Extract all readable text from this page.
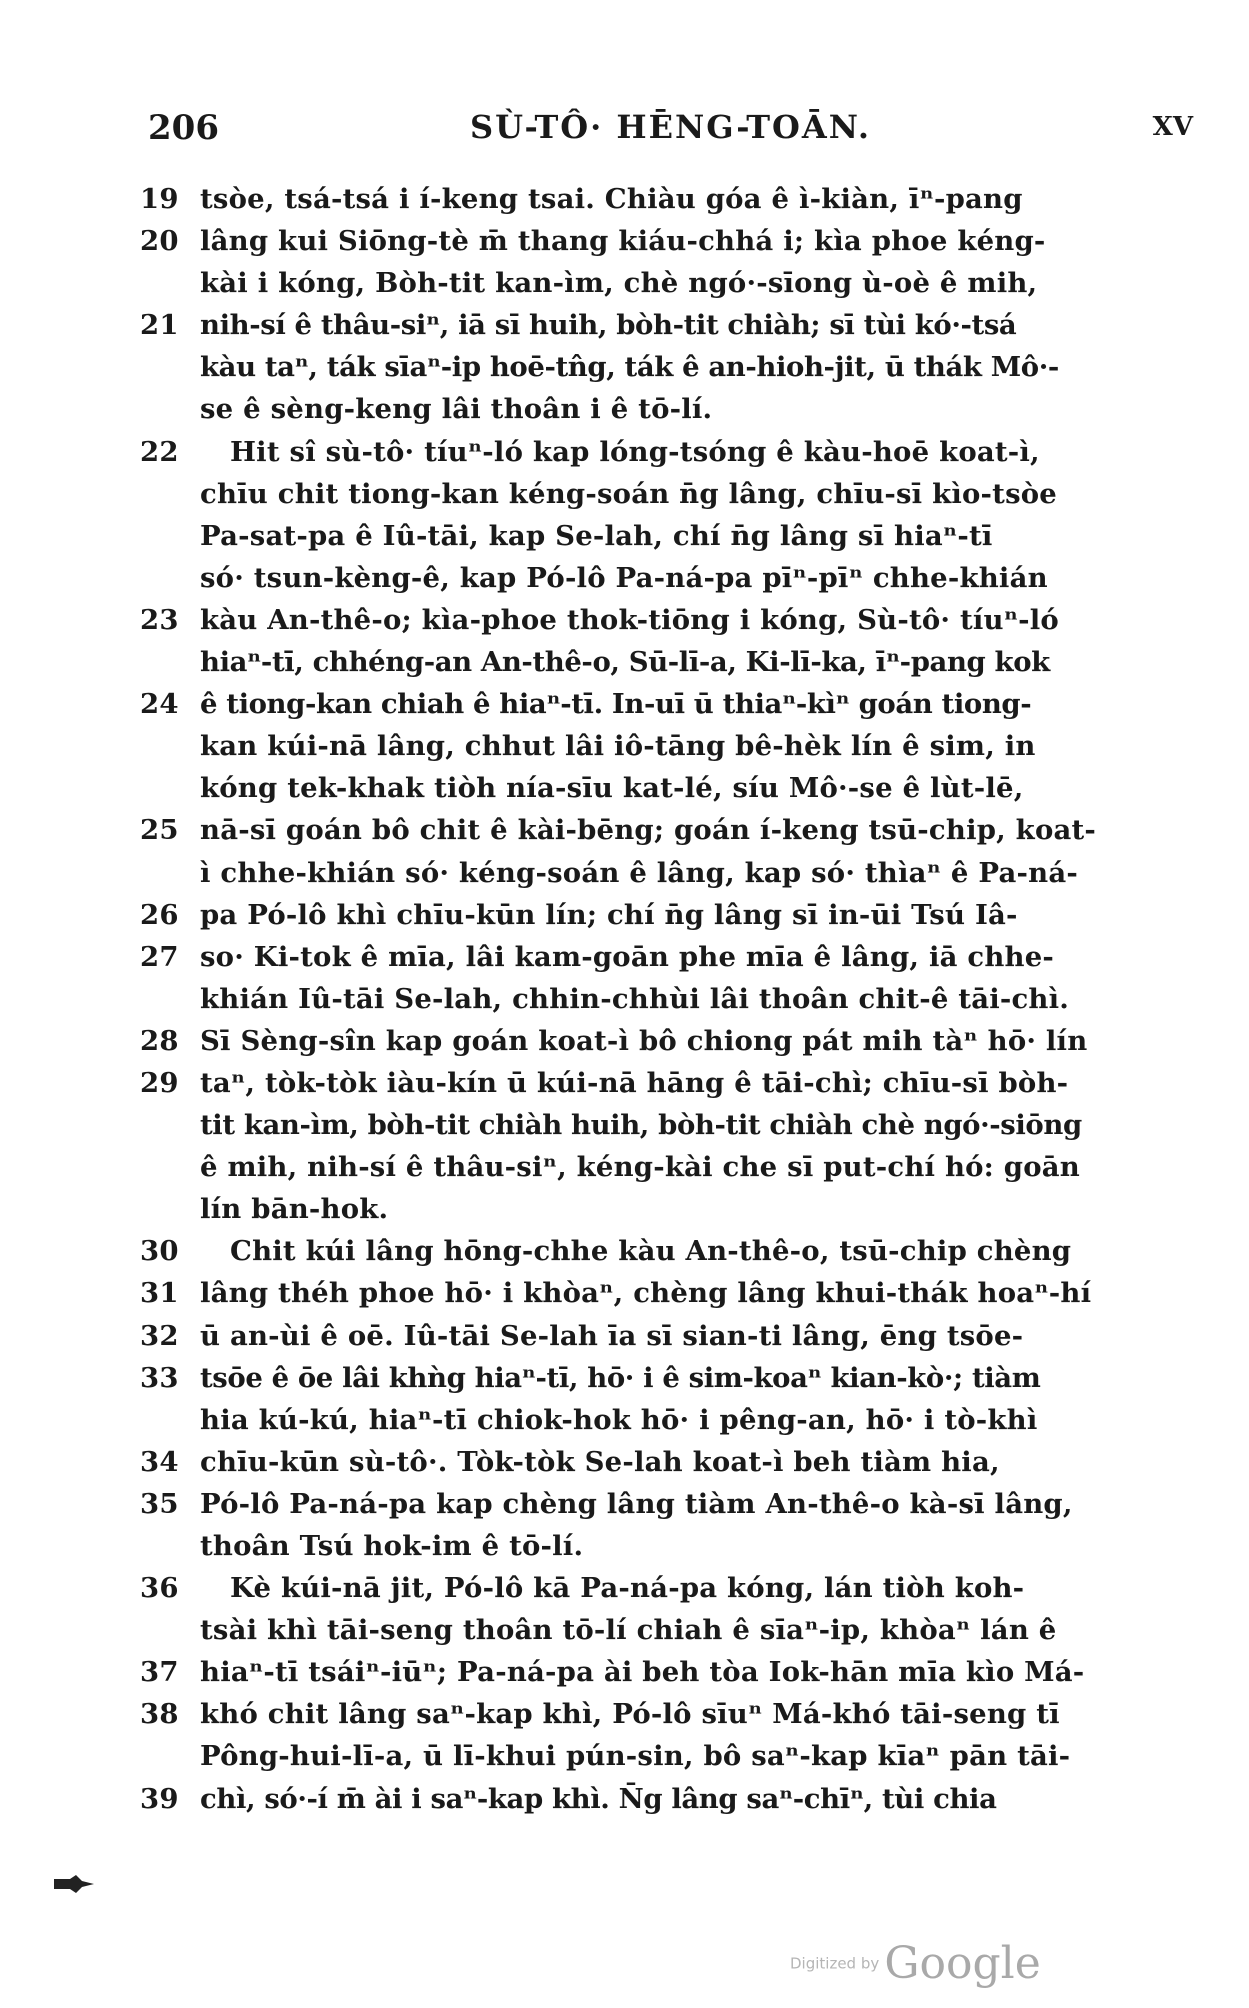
206	SÙ-TÔ· HĒNG-TOĀN.	XV
19 tsòe, tsá-tsá i í-keng tsai. Chiàu góa ê ì-kiàn, īⁿ-pang
20 lâng kui Siōng-tè m̄ thang kiáu-chhá i; kìa phoe kéng-
kài i kóng, Bòh-tit kan-ìm, chè ngó·-sīong ù-oè ê mih,
21 nih-sí ê thâu-siⁿ, iā sī huih, bòh-tit chiàh; sī tùi kó·-tsá
kàu taⁿ, ták sīaⁿ-ip hoē-tn̂g, ták ê an-hioh-jit, ū thák Mô·-
se ê sèng-keng lâi thoân i ê tō-lí.
22 Hit sî sù-tô· tíuⁿ-ló kap lóng-tsóng ê kàu-hoē koat-ì,
chīu chit tiong-kan kéng-soán n̄g lâng, chīu-sī kìo-tsòe
Pa-sat-pa ê Iû-tāi, kap Se-lah, chí n̄g lâng sī hiaⁿ-tī
só· tsun-kèng-ê, kap Pó-lô Pa-ná-pa pīⁿ-pīⁿ chhe-khián
23 kàu An-thê-o; kìa-phoe thok-tiōng i kóng, Sù-tô· tíuⁿ-ló
hiaⁿ-tī, chhéng-an An-thê-o, Sū-lī-a, Ki-lī-ka, īⁿ-pang kok
24 ê tiong-kan chiah ê hiaⁿ-tī. In-uī ū thiaⁿ-kìⁿ goán tiong-
kan kúi-nā lâng, chhut lâi iô-tāng bê-hèk lín ê sim, in
kóng tek-khak tiòh nía-sīu kat-lé, síu Mô·-se ê lùt-lē,
25 nā-sī goán bô chit ê kài-bēng; goán í-keng tsū-chip, koat-
ì chhe-khián só· kéng-soán ê lâng, kap só· thìaⁿ ê Pa-ná-
26 pa Pó-lô khì chīu-kūn lín; chí n̄g lâng sī in-ūi Tsú Iâ-
27 so· Ki-tok ê mīa, lâi kam-goān phe mīa ê lâng, iā chhe-
khián Iû-tāi Se-lah, chhin-chhùi lâi thoân chit-ê tāi-chì.
28 Sī Sèng-sîn kap goán koat-ì bô chiong pát mih tàⁿ hō· lín
29 taⁿ, tòk-tòk iàu-kín ū kúi-nā hāng ê tāi-chì; chīu-sī bòh-
tit kan-ìm, bòh-tit chiàh huih, bòh-tit chiàh chè ngó·-siōng
ê mih, nih-sí ê thâu-siⁿ, kéng-kài che sī put-chí hó: goān
lín bān-hok.
30 Chit kúi lâng hōng-chhe kàu An-thê-o, tsū-chip chèng
31 lâng théh phoe hō· i khòaⁿ, chèng lâng khui-thák hoaⁿ-hí
32 ū an-ùi ê oē. Iû-tāi Se-lah īa sī sian-ti lâng, ēng tsōe-
33 tsōe ê ōe lâi khǹg hiaⁿ-tī, hō· i ê sim-koaⁿ kian-kò·; tiàm
hia kú-kú, hiaⁿ-tī chiok-hok hō· i pêng-an, hō· i tò-khì
34 chīu-kūn sù-tô·. Tòk-tòk Se-lah koat-ì beh tiàm hia,
35 Pó-lô Pa-ná-pa kap chèng lâng tiàm An-thê-o kà-sī lâng,
thoân Tsú hok-im ê tō-lí.
36 Kè kúi-nā jit, Pó-lô kā Pa-ná-pa kóng, lán tiòh koh-
tsài khì tāi-seng thoân tō-lí chiah ê sīaⁿ-ip, khòaⁿ lán ê
37 hiaⁿ-tī tsáiⁿ-iūⁿ; Pa-ná-pa ài beh tòa Iok-hān mīa kìo Má-
38 khó chit lâng saⁿ-kap khì, Pó-lô sīuⁿ Má-khó tāi-seng tī
Pông-hui-lī-a, ū lī-khui pún-sin, bô saⁿ-kap kīaⁿ pān tāi-
39 chì, só·-í m̄ ài i saⁿ-kap khì. N̄g lâng saⁿ-chīⁿ, tùi chia
Digitized by Google
